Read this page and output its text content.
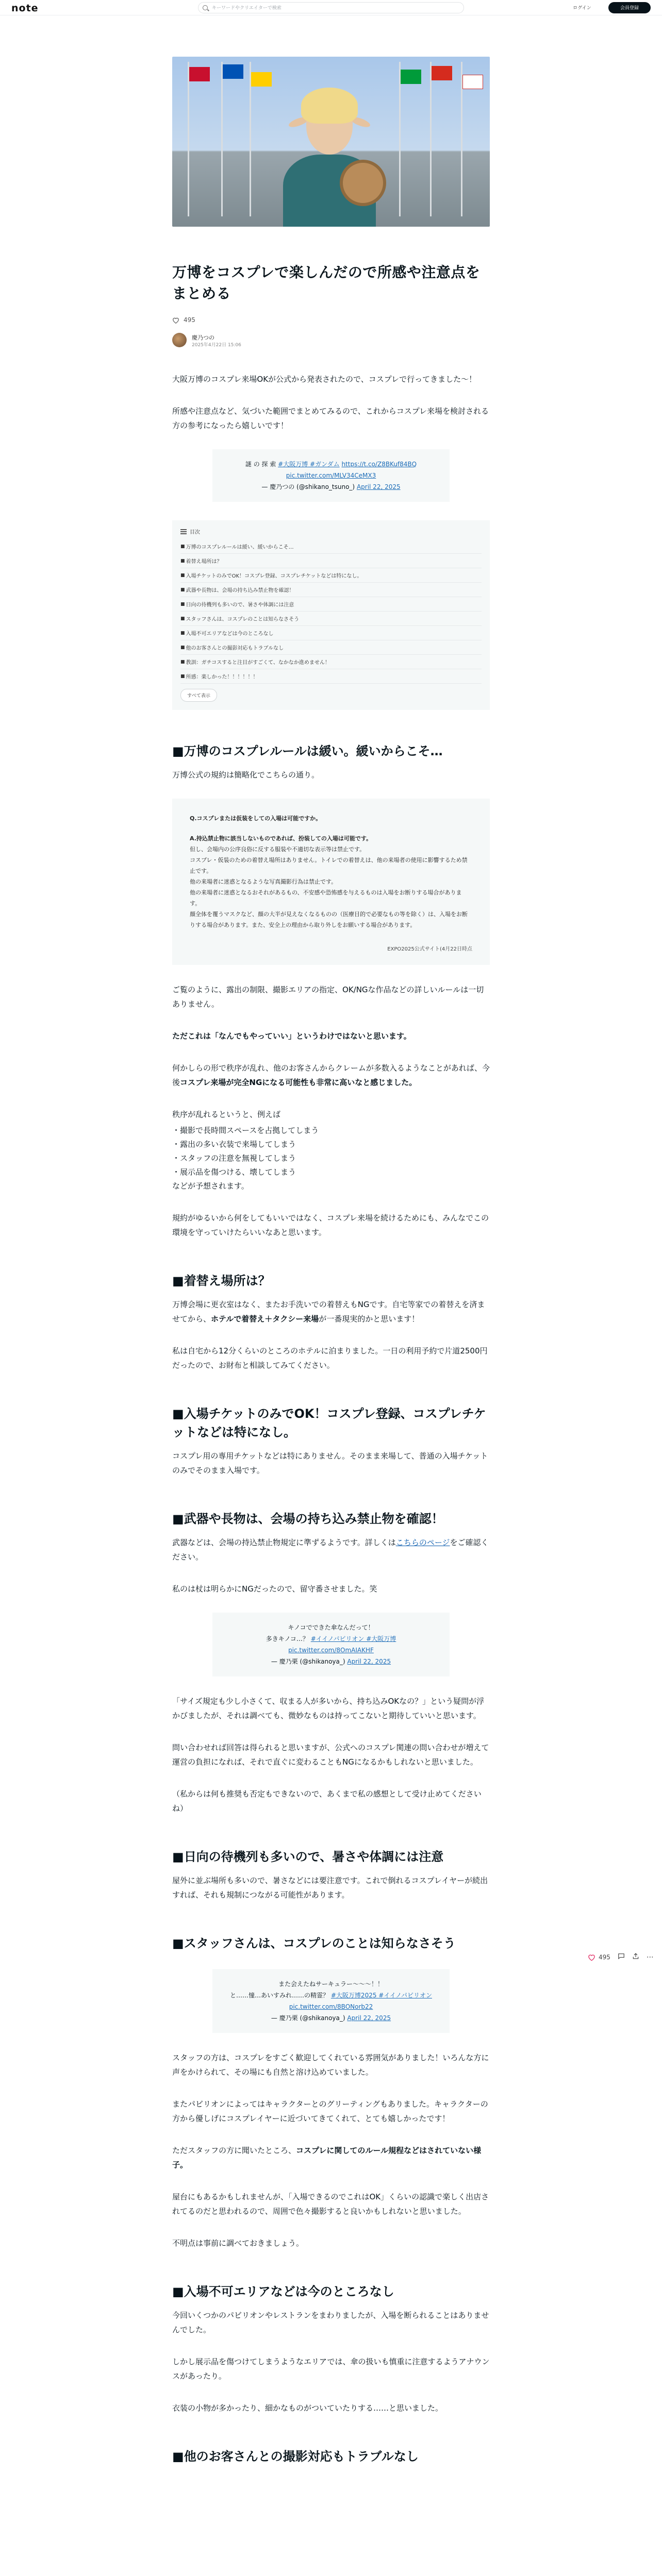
note
キーワードやクリエイターで検索	ログイン	会員登録
万博をコスプレで楽しんだので所感や注意点をまとめる
495
慶乃つの
2025年4月22日 15:06

大阪万博のコスプレ来場OKが公式から発表されたので、コスプレで行ってきました〜！

所感や注意点など、気づいた範囲でまとめてみるので、これからコスプレ来場を検討される方の参考になったら嬉しいです！

謎 の 探 索 #大阪万博 #ガンダム https://t.co/Z8BKuf84BQ
pic.twitter.com/MLV34CeMX3
— 慶乃つの (@shikano_tsuno_) April 22, 2025
目次
■ 万博のコスプレルールは緩い、緩いからこそ…
■ 着替え場所は？
■ 入場チケットのみでOK！コスプレ登録、コスプレチケットなどは特になし。
■ 武器や長物は、会場の持ち込み禁止物を確認！
■ 日向の待機列も多いので、暑さや体調には注意
■ スタッフさんは、コスプレのことは知らなさそう
■ 入場不可エリアなどは今のところなし
■ 他のお客さんとの撮影対応もトラブルなし
■ 教訓：ガチコスすると注目がすごくて、なかなか進めません！
■ 所感：楽しかった！！！！！！
すべて表示
■万博のコスプレルールは緩い。緩いからこそ…

万博公式の規約は簡略化でこちらの通り。

Q.コスプレまたは仮装をしての入場は可能ですか。
A.持込禁止物に該当しないものであれば、扮装しての入場は可能です。
但し、会場内の公序良俗に反する服装や不適切な表示等は禁止です。
コスプレ・仮装のための着替え場所はありません。トイレでの着替えは、他の来場者の使用に影響するため禁止です。
他の来場者に迷惑となるような写真撮影行為は禁止です。
他の来場者に迷惑となるおそれがあるもの、不安感や恐怖感を与えるものは入場をお断りする場合があります。
顔全体を覆うマスクなど、顔の大半が見えなくなるものの（医療目的で必要なもの等を除く）は、入場をお断りする場合があります。また、安全上の理由から取り外しをお願いする場合があります。
EXPO2025公式サイト(4月22日時点

ご覧のように、露出の制限、撮影エリアの指定、OK/NGな作品などの詳しいルールは一切ありません。

ただこれは「なんでもやっていい」というわけではないと思います。

何かしらの形で秩序が乱れ、他のお客さんからクレームが多数入るようなことがあれば、今後コスプレ来場が完全NGになる可能性も非常に高いなと感じました。

秩序が乱れるというと、例えば

・撮影で長時間スペースを占拠してしまう
・露出の多い衣装で来場してしまう
・スタッフの注意を無視してしまう
・展示品を傷つける、壊してしまう
などが予想されます。

規約がゆるいから何をしてもいいではなく、コスプレ来場を続けるためにも、みんなでこの環境を守っていけたらいいなあと思います。

■着替え場所は？

万博会場に更衣室はなく、またお手洗いでの着替えもNGです。自宅等家での着替えを済ませてから、ホテルで着替え＋タクシー来場が一番現実的かと思います！

私は自宅から12分くらいのところのホテルに泊まりました。一日の利用予約で片道2500円だったので、お財布と相談してみてください。

■入場チケットのみでOK！コスプレ登録、コスプレチケットなどは特になし。

コスプレ用の専用チケットなどは特にありません。そのまま来場して、普通の入場チケットのみでそのまま入場です。

■武器や長物は、会場の持ち込み禁止物を確認！

武器などは、会場の持込禁止物規定に準ずるようです。詳しくはこちらのページをご確認ください。

私のは杖は明らかにNGだったので、留守番させました。笑

キノコでできた傘なんだって！
多きキノコ…？ #イイノパビリオン #大阪万博
pic.twitter.com/8OmAIAKHF
— 慶乃栗 (@shikanoya_) April 22, 2025

「サイズ規定も少し小さくて、収まる人が多いから、持ち込みOKなの？」という疑問が浮かびましたが、それは調べても、微妙なものは持ってこないと期待していいと思います。

問い合わせれば回答は得られると思いますが、公式へのコスプレ関連の問い合わせが増えて運営の負担になれば、それで直ぐに変わることもNGになるかもしれないと思いました。

（私からは何も推奨も否定もできないので、あくまで私の感想として受け止めてくださいね）

■日向の待機列も多いので、暑さや体調には注意

屋外に並ぶ場所も多いので、暑さなどには要注意です。これで倒れるコスプレイヤーが続出すれば、それも規制につながる可能性があります。

■スタッフさんは、コスプレのことは知らなさそう
また会えたねサーキュラー〜〜〜！！
と……憧…あいすみれ……の精霊？ #大阪万博2025 #イイノパビリオン
pic.twitter.com/8BONorb22
— 慶乃栗 (@shikanoya_) April 22, 2025

スタッフの方は、コスプレをすごく歓迎してくれている雰囲気がありました！いろんな方に声をかけられて、その場にも自然と溶け込めていました。

またパビリオンによってはキャラクターとのグリーティングもありました。キャラクターの方から優しげにコスプレイヤーに近づいてきてくれて、とても嬉しかったです！

ただスタッフの方に聞いたところ、コスプレに関してのルール規程などはされていない様子。

屋台にもあるかもしれませんが、「入場できるのでこれはOK」くらいの認識で楽しく出店されてるのだと思われるので、周囲で色々撮影すると良いかもしれないと思いました。

不明点は事前に調べておきましょう。

■入場不可エリアなどは今のところなし

今回いくつかのパビリオンやレストランをまわりましたが、入場を断られることはありませんでした。

しかし展示品を傷つけてしまうようなエリアでは、傘の扱いも慎重に注意するようアナウンスがあったり。

衣装の小物が多かったり、細かなものがついていたりする……と思いました。

■他のお客さんとの撮影対応もトラブルなし
495	⋯
